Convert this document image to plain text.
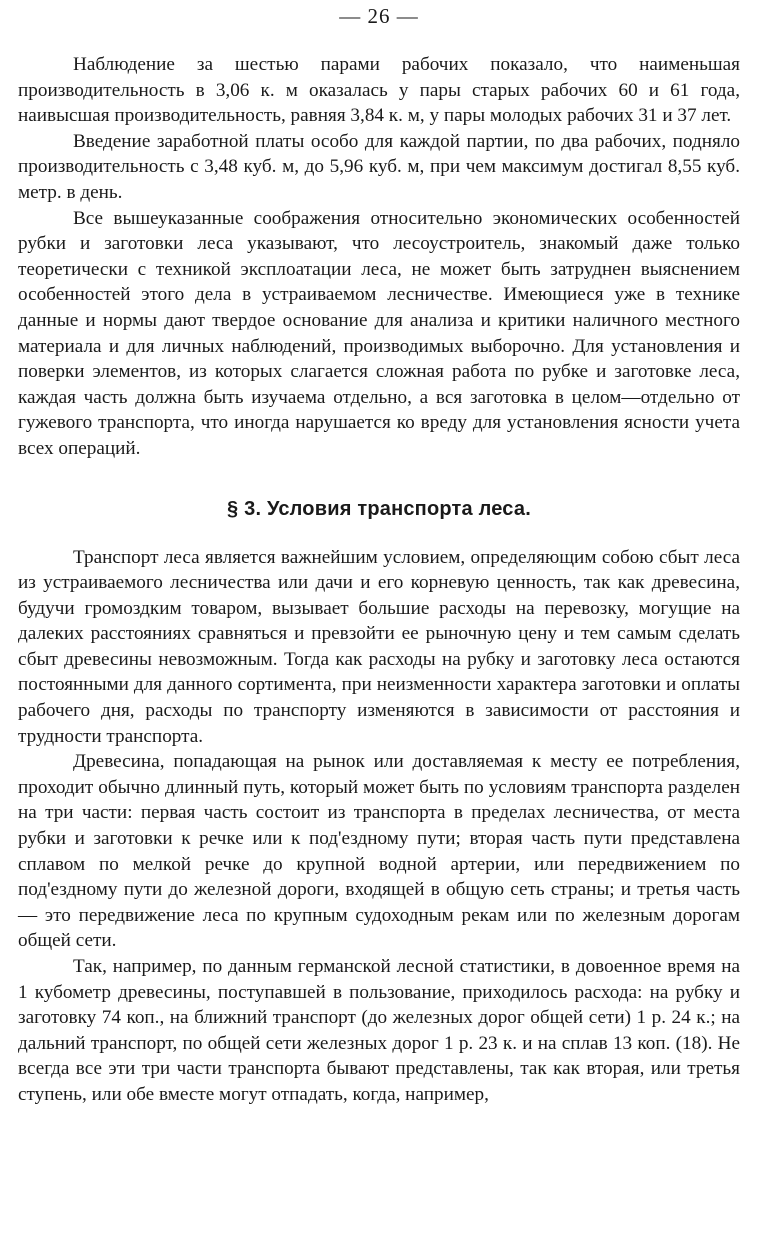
— 26 —

Наблюдение за шестью парами рабочих показало, что наименьшая производительность в 3,06 к. м оказалась у пары старых рабочих 60 и 61 года, наивысшая производительность, равняя 3,84 к. м, у пары молодых рабочих 31 и 37 лет.

Введение заработной платы особо для каждой партии, по два рабочих, подняло производительность с 3,48 куб. м, до 5,96 куб. м, при чем максимум достигал 8,55 куб. метр. в день.

Все вышеуказанные соображения относительно экономических особенностей рубки и заготовки леса указывают, что лесоустроитель, знакомый даже только теоретически с техникой эксплоатации леса, не может быть затруднен выяснением особенностей этого дела в устраиваемом лесничестве. Имеющиеся уже в технике данные и нормы дают твердое основание для анализа и критики наличного местного материала и для личных наблюдений, производимых выборочно. Для установления и поверки элементов, из которых слагается сложная работа по рубке и заготовке леса, каждая часть должна быть изучаема отдельно, а вся заготовка в целом—отдельно от гужевого транспорта, что иногда нарушается ко вреду для установления ясности учета всех операций.

§ 3. Условия транспорта леса.

Транспорт леса является важнейшим условием, определяющим собою сбыт леса из устраиваемого лесничества или дачи и его корневую ценность, так как древесина, будучи громоздким товаром, вызывает большие расходы на перевозку, могущие на далеких расстояниях сравняться и превзойти ее рыночную цену и тем самым сделать сбыт древесины невозможным. Тогда как расходы на рубку и заготовку леса остаются постоянными для данного сортимента, при неизменности характера заготовки и оплаты рабочего дня, расходы по транспорту изменяются в зависимости от расстояния и трудности транспорта.

Древесина, попадающая на рынок или доставляемая к месту ее потребления, проходит обычно длинный путь, который может быть по условиям транспорта разделен на три части: первая часть состоит из транспорта в пределах лесничества, от места рубки и заготовки к речке или к под'ездному пути; вторая часть пути представлена сплавом по мелкой речке до крупной водной артерии, или передвижением по под'ездному пути до железной дороги, входящей в общую сеть страны; и третья часть — это передвижение леса по крупным судоходным рекам или по железным дорогам общей сети.

Так, например, по данным германской лесной статистики, в довоенное время на 1 кубометр древесины, поступавшей в пользование, приходилось расхода: на рубку и заготовку 74 коп., на ближний транспорт (до железных дорог общей сети) 1 р. 24 к.; на дальний транспорт, по общей сети железных дорог 1 р. 23 к. и на сплав 13 коп. (18). Не всегда все эти три части транспорта бывают представлены, так как вторая, или третья ступень, или обе вместе могут отпадать, когда, например,
